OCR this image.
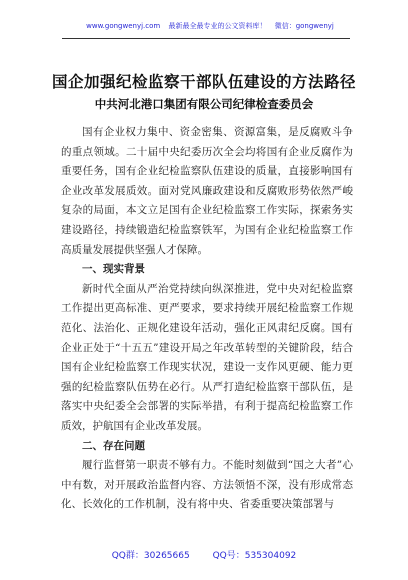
www.gongwenyj.com 最新最全最专业的公文资料库！ 微信：gongwenyj
国企加强纪检监察干部队伍建设的方法路径
中共河北港口集团有限公司纪律检查委员会

国有企业权力集中、资金密集、资源富集，是反腐败斗争的重点领域。二十届中央纪委历次全会均将国有企业反腐作为重要任务，国有企业纪检监察队伍建设的质量，直接影响国有企业改革发展质效。面对党风廉政建设和反腐败形势依然严峻复杂的局面，本文立足国有企业纪检监察工作实际，探索务实建设路径，持续锻造纪检监察铁军，为国有企业纪检监察工作高质量发展提供坚强人才保障。

一、现实背景

新时代全面从严治党持续向纵深推进，党中央对纪检监察工作提出更高标准、更严要求，要求持续开展纪检监察工作规范化、法治化、正规化建设年活动，强化正风肃纪反腐。国有企业正处于“十五五”建设开局之年改革转型的关键阶段，结合国有企业纪检监察工作现实状况，建设一支作风更硬、能力更强的纪检监察队伍势在必行。从严打造纪检监察干部队伍，是落实中央纪委全会部署的实际举措，有利于提高纪检监察工作质效，护航国有企业改革发展。

二、存在问题

履行监督第一职责不够有力。不能时刻做到“国之大者”心中有数，对开展政治监督内容、方法领悟不深，没有形成常态化、长效化的工作机制，没有将中央、省委重要决策部署与

QQ群：30265665	QQ号：535304092
